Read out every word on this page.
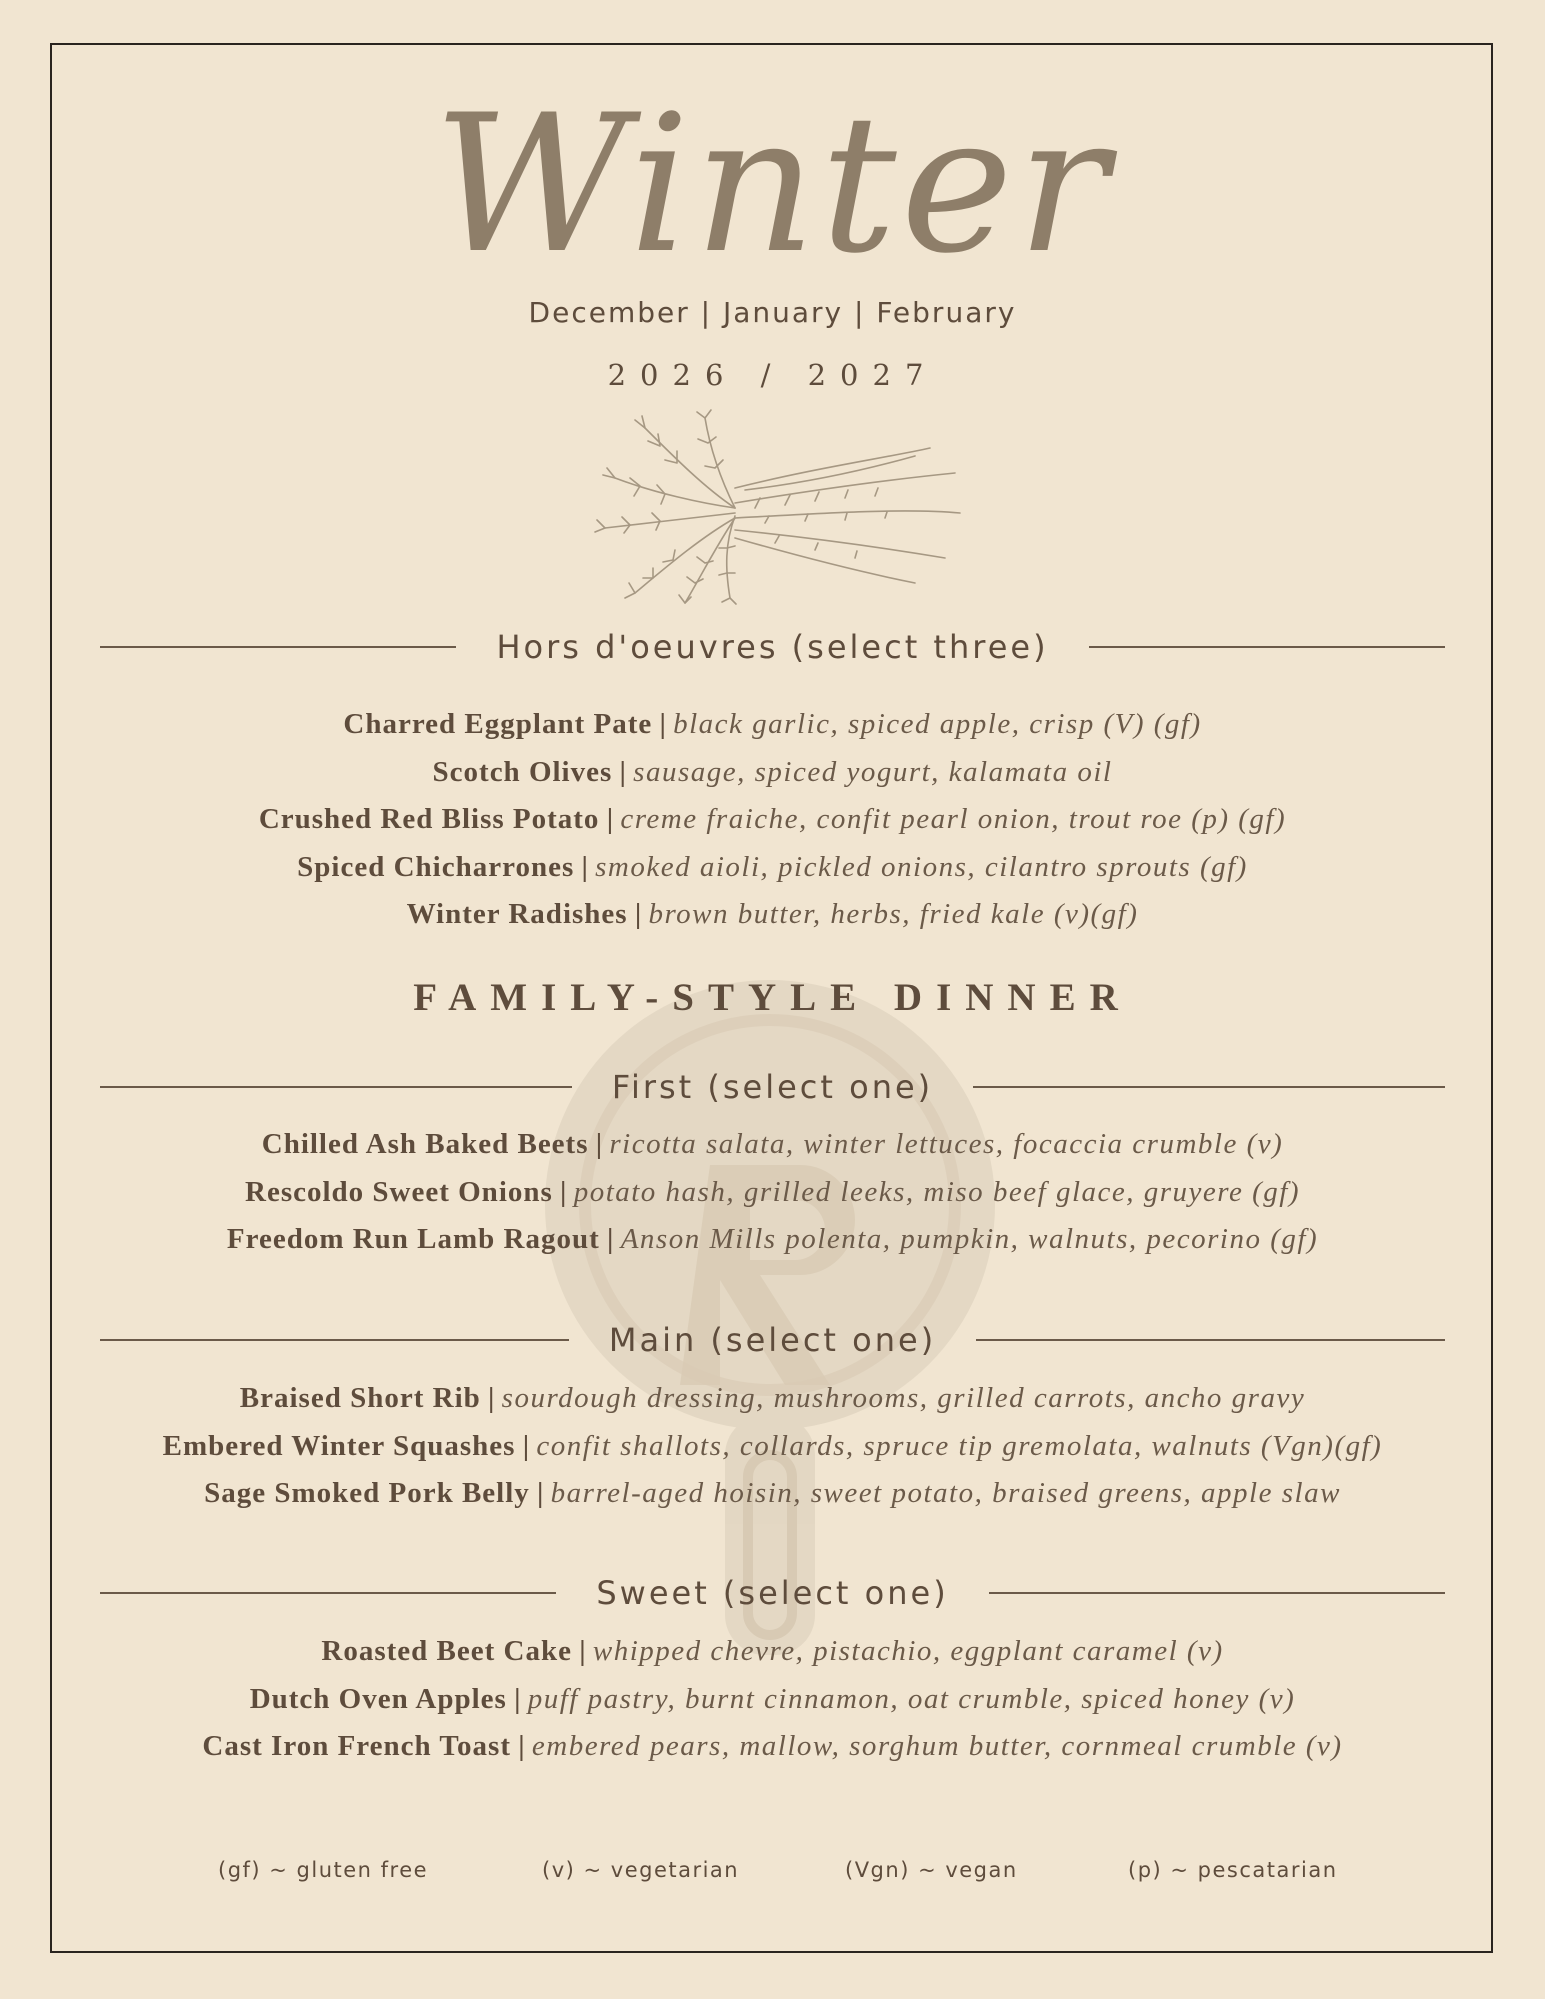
Winter
December | January | February
2026 / 2027
Hors d'oeuvres (select three)
Charred Eggplant Pate | black garlic, spiced apple, crisp (V) (gf)
Scotch Olives | sausage, spiced yogurt, kalamata oil
Crushed Red Bliss Potato | creme fraiche, confit pearl onion, trout roe (p) (gf)
Spiced Chicharrones | smoked aioli, pickled onions, cilantro sprouts (gf)
Winter Radishes | brown butter, herbs, fried kale (v)(gf)
FAMILY-STYLE DINNER
First (select one)
Chilled Ash Baked Beets | ricotta salata, winter lettuces, focaccia crumble (v)
Rescoldo Sweet Onions | potato hash, grilled leeks, miso beef glace, gruyere (gf)
Freedom Run Lamb Ragout | Anson Mills polenta, pumpkin, walnuts, pecorino (gf)
Main (select one)
Braised Short Rib | sourdough dressing, mushrooms, grilled carrots, ancho gravy
Embered Winter Squashes | confit shallots, collards, spruce tip gremolata, walnuts (Vgn)(gf)
Sage Smoked Pork Belly | barrel-aged hoisin, sweet potato, braised greens, apple slaw
Sweet (select one)
Roasted Beet Cake | whipped chevre, pistachio, eggplant caramel (v)
Dutch Oven Apples | puff pastry, burnt cinnamon, oat crumble, spiced honey (v)
Cast Iron French Toast | embered pears, mallow, sorghum butter, cornmeal crumble (v)
(gf) ~ gluten free	(v) ~ vegetarian	(Vgn) ~ vegan	(p) ~ pescatarian
